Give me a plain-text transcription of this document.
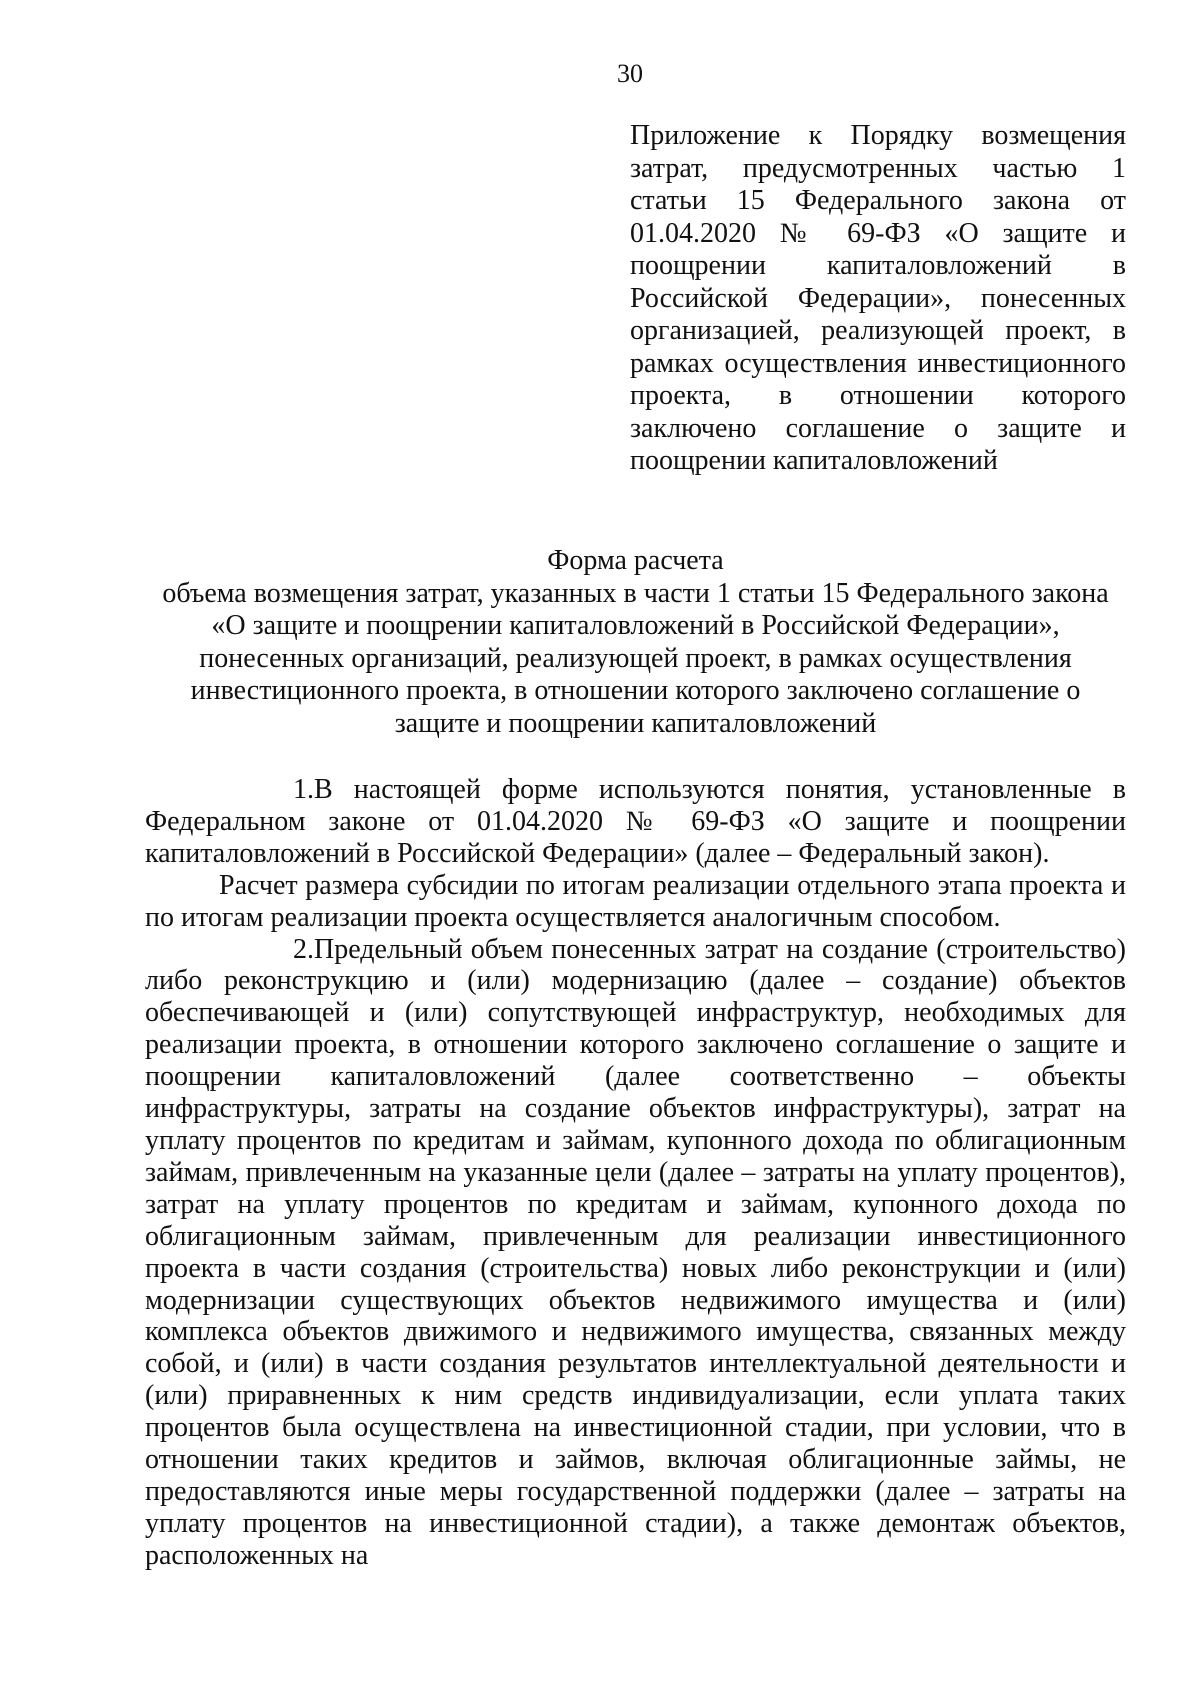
30
Приложение к Порядку возмещения затрат, предусмотренных частью 1 статьи 15 Федерального закона от 01.04.2020 № 69-ФЗ «О защите и поощрении капиталовложений в Российской Федерации», понесенных организацией, реализующей проект, в рамках осуществления инвестиционного проекта, в отношении которого заключено соглашение о защите и поощрении капиталовложений
Форма расчета
объема возмещения затрат, указанных в части 1 статьи 15 Федерального закона
«О защите и поощрении капиталовложений в Российской Федерации»,
понесенных организаций, реализующей проект, в рамках осуществления
инвестиционного проекта, в отношении которого заключено соглашение о
защите и поощрении капиталовложений

1.В настоящей форме используются понятия, установленные в Федеральном законе от 01.04.2020 № 69-ФЗ «О защите и поощрении капиталовложений в Российской Федерации» (далее – Федеральный закон).

Расчет размера субсидии по итогам реализации отдельного этапа проекта и по итогам реализации проекта осуществляется аналогичным способом.

2.Предельный объем понесенных затрат на создание (строительство) либо реконструкцию и (или) модернизацию (далее – создание) объектов обеспечивающей и (или) сопутствующей инфраструктур, необходимых для реализации проекта, в отношении которого заключено соглашение о защите и поощрении капиталовложений (далее соответственно – объекты инфраструктуры, затраты на создание объектов инфраструктуры), затрат на уплату процентов по кредитам и займам, купонного дохода по облигационным займам, привлеченным на указанные цели (далее – затраты на уплату процентов), затрат на уплату процентов по кредитам и займам, купонного дохода по облигационным займам, привлеченным для реализации инвестиционного проекта в части создания (строительства) новых либо реконструкции и (или) модернизации существующих объектов недвижимого имущества и (или) комплекса объектов движимого и недвижимого имущества, связанных между собой, и (или) в части создания результатов интеллектуальной деятельности и (или) приравненных к ним средств индивидуализации, если уплата таких процентов была осуществлена на инвестиционной стадии, при условии, что в отношении таких кредитов и займов, включая облигационные займы, не предоставляются иные меры государственной поддержки (далее – затраты на уплату процентов на инвестиционной стадии), а также демонтаж объектов, расположенных на
